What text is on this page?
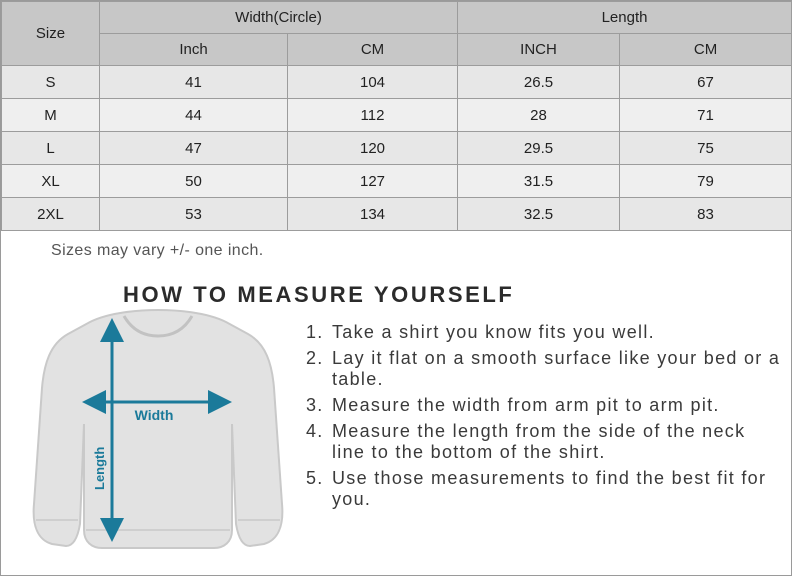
Size	Width(Circle)		Length	
	Inch	CM	INCH	CM
S	41	104	26.5	67
M	44	112	28	71
L	47	120	29.5	75
XL	50	127	31.5	79
2XL	53	134	32.5	83
Sizes may vary +/- one inch.
HOW TO MEASURE YOURSELF
Width
Length
1. Take a shirt you know fits you well.
2. Lay it flat on a smooth surface like your bed or a table.
3. Measure the width from arm pit to arm pit.
4. Measure the length from the side of the neck line to the bottom of the shirt.
5. Use those measurements to find the best fit for you.
